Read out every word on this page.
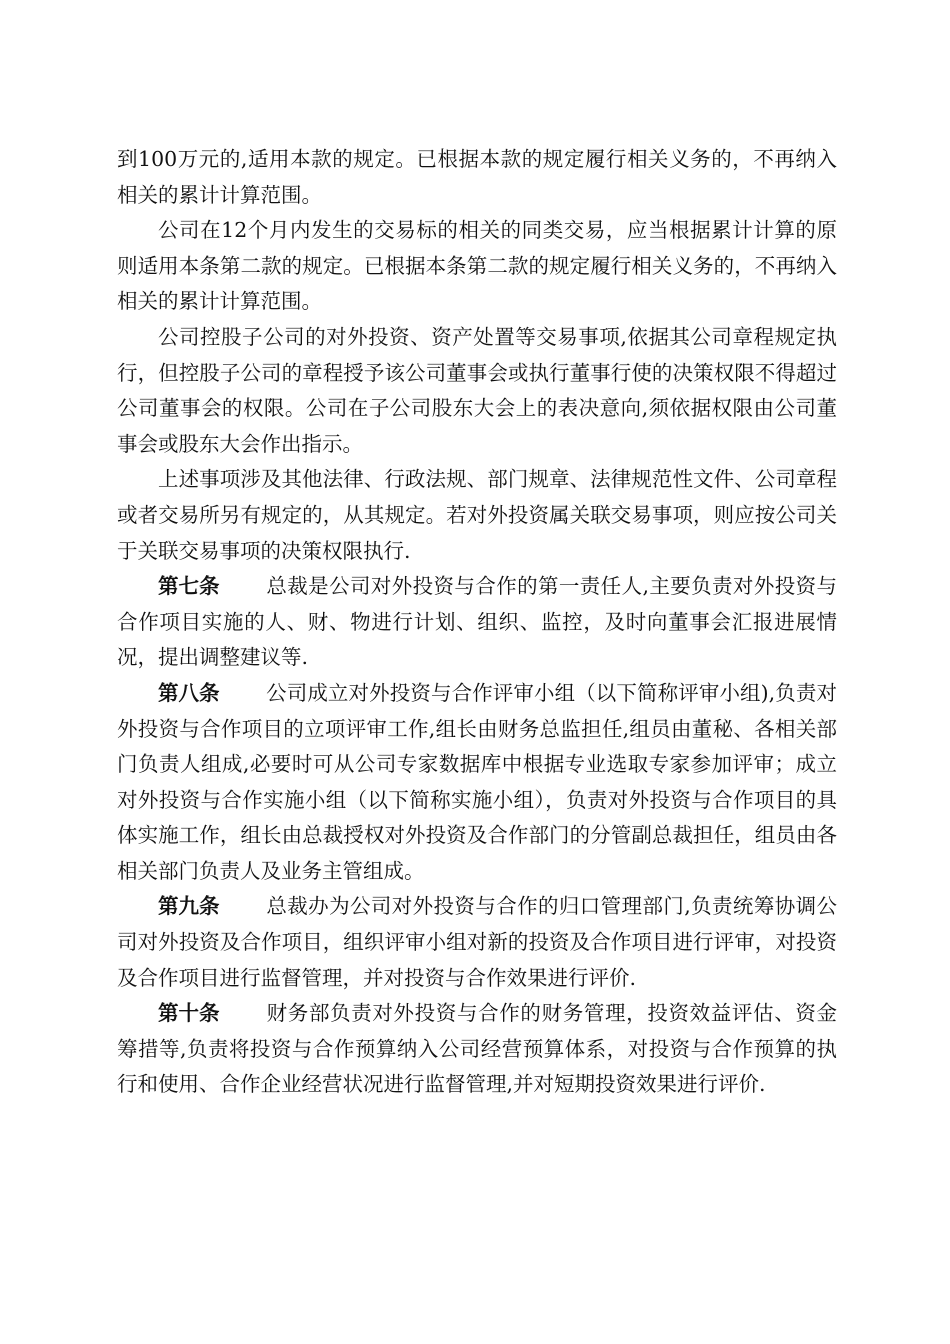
到100万元的,适用本款的规定。已根据本款的规定履行相关义务的，不再纳入相关的累计计算范围。

公司在12个月内发生的交易标的相关的同类交易，应当根据累计计算的原则适用本条第二款的规定。已根据本条第二款的规定履行相关义务的，不再纳入相关的累计计算范围。

公司控股子公司的对外投资、资产处置等交易事项,依据其公司章程规定执行，但控股子公司的章程授予该公司董事会或执行董事行使的决策权限不得超过公司董事会的权限。公司在子公司股东大会上的表决意向,须依据权限由公司董事会或股东大会作出指示。

上述事项涉及其他法律、行政法规、部门规章、法律规范性文件、公司章程或者交易所另有规定的，从其规定。若对外投资属关联交易事项，则应按公司关于关联交易事项的决策权限执行.

第七条 总裁是公司对外投资与合作的第一责任人,主要负责对外投资与合作项目实施的人、财、物进行计划、组织、监控，及时向董事会汇报进展情况，提出调整建议等.

第八条 公司成立对外投资与合作评审小组（以下简称评审小组),负责对外投资与合作项目的立项评审工作,组长由财务总监担任,组员由董秘、各相关部门负责人组成,必要时可从公司专家数据库中根据专业选取专家参加评审；成立对外投资与合作实施小组（以下简称实施小组），负责对外投资与合作项目的具体实施工作，组长由总裁授权对外投资及合作部门的分管副总裁担任，组员由各相关部门负责人及业务主管组成。

第九条 总裁办为公司对外投资与合作的归口管理部门,负责统筹协调公司对外投资及合作项目，组织评审小组对新的投资及合作项目进行评审，对投资及合作项目进行监督管理，并对投资与合作效果进行评价.

第十条 财务部负责对外投资与合作的财务管理，投资效益评估、资金筹措等,负责将投资与合作预算纳入公司经营预算体系，对投资与合作预算的执行和使用、合作企业经营状况进行监督管理,并对短期投资效果进行评价.
